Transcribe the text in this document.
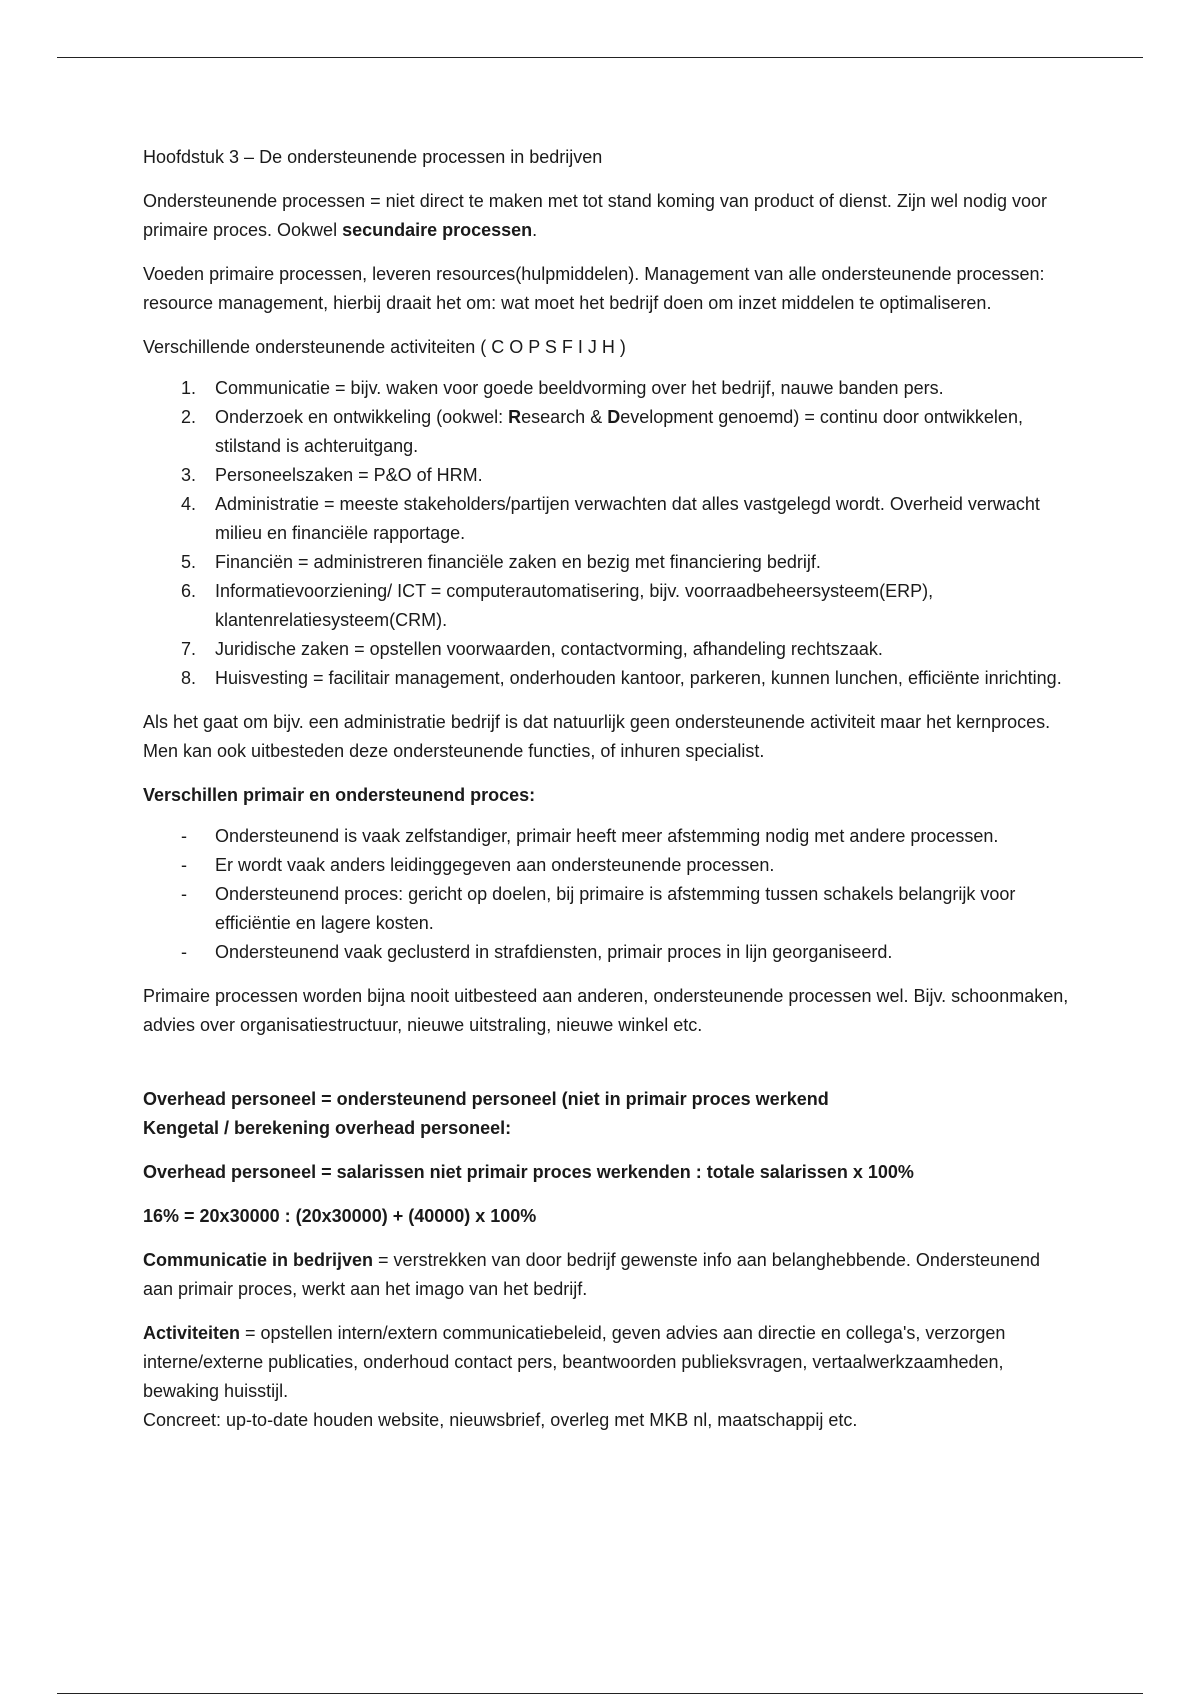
Hoofdstuk 3 – De ondersteunende processen in bedrijven

Ondersteunende processen = niet direct te maken met tot stand koming van product of dienst. Zijn wel nodig voor primaire proces. Ookwel secundaire processen.

Voeden primaire processen, leveren resources(hulpmiddelen). Management van alle ondersteunende processen: resource management, hierbij draait het om: wat moet het bedrijf doen om inzet middelen te optimaliseren.

Verschillende ondersteunende activiteiten ( C O P S F I J H )

1. Communicatie = bijv. waken voor goede beeldvorming over het bedrijf, nauwe banden pers.
2. Onderzoek en ontwikkeling (ookwel: Research & Development genoemd) = continu door ontwikkelen, stilstand is achteruitgang.
3. Personeelszaken = P&O of HRM.
4. Administratie = meeste stakeholders/partijen verwachten dat alles vastgelegd wordt. Overheid verwacht milieu en financiële rapportage.
5. Financiën = administreren financiële zaken en bezig met financiering bedrijf.
6. Informatievoorziening/ ICT = computerautomatisering, bijv. voorraadbeheersysteem(ERP), klantenrelatiesysteem(CRM).
7. Juridische zaken = opstellen voorwaarden, contactvorming, afhandeling rechtszaak.
8. Huisvesting = facilitair management, onderhouden kantoor, parkeren, kunnen lunchen, efficiënte inrichting.

Als het gaat om bijv. een administratie bedrijf is dat natuurlijk geen ondersteunende activiteit maar het kernproces. Men kan ook uitbesteden deze ondersteunende functies, of inhuren specialist.

Verschillen primair en ondersteunend proces:

- Ondersteunend is vaak zelfstandiger, primair heeft meer afstemming nodig met andere processen.
- Er wordt vaak anders leidinggegeven aan ondersteunende processen.
- Ondersteunend proces: gericht op doelen, bij primaire is afstemming tussen schakels belangrijk voor efficiëntie en lagere kosten.
- Ondersteunend vaak geclusterd in strafdiensten, primair proces in lijn georganiseerd.

Primaire processen worden bijna nooit uitbesteed aan anderen, ondersteunende processen wel. Bijv. schoonmaken, advies over organisatiestructuur, nieuwe uitstraling, nieuwe winkel etc.

Overhead personeel = ondersteunend personeel (niet in primair proces werkend
Kengetal / berekening overhead personeel:

Overhead personeel = salarissen niet primair proces werkenden : totale salarissen x 100%

16% = 20x30000 : (20x30000) + (40000) x 100%

Communicatie in bedrijven = verstrekken van door bedrijf gewenste info aan belanghebbende. Ondersteunend aan primair proces, werkt aan het imago van het bedrijf.

Activiteiten = opstellen intern/extern communicatiebeleid, geven advies aan directie en collega's, verzorgen interne/externe publicaties, onderhoud contact pers, beantwoorden publieksvragen, vertaalwerkzaamheden, bewaking huisstijl.
Concreet: up-to-date houden website, nieuwsbrief, overleg met MKB nl, maatschappij etc.
